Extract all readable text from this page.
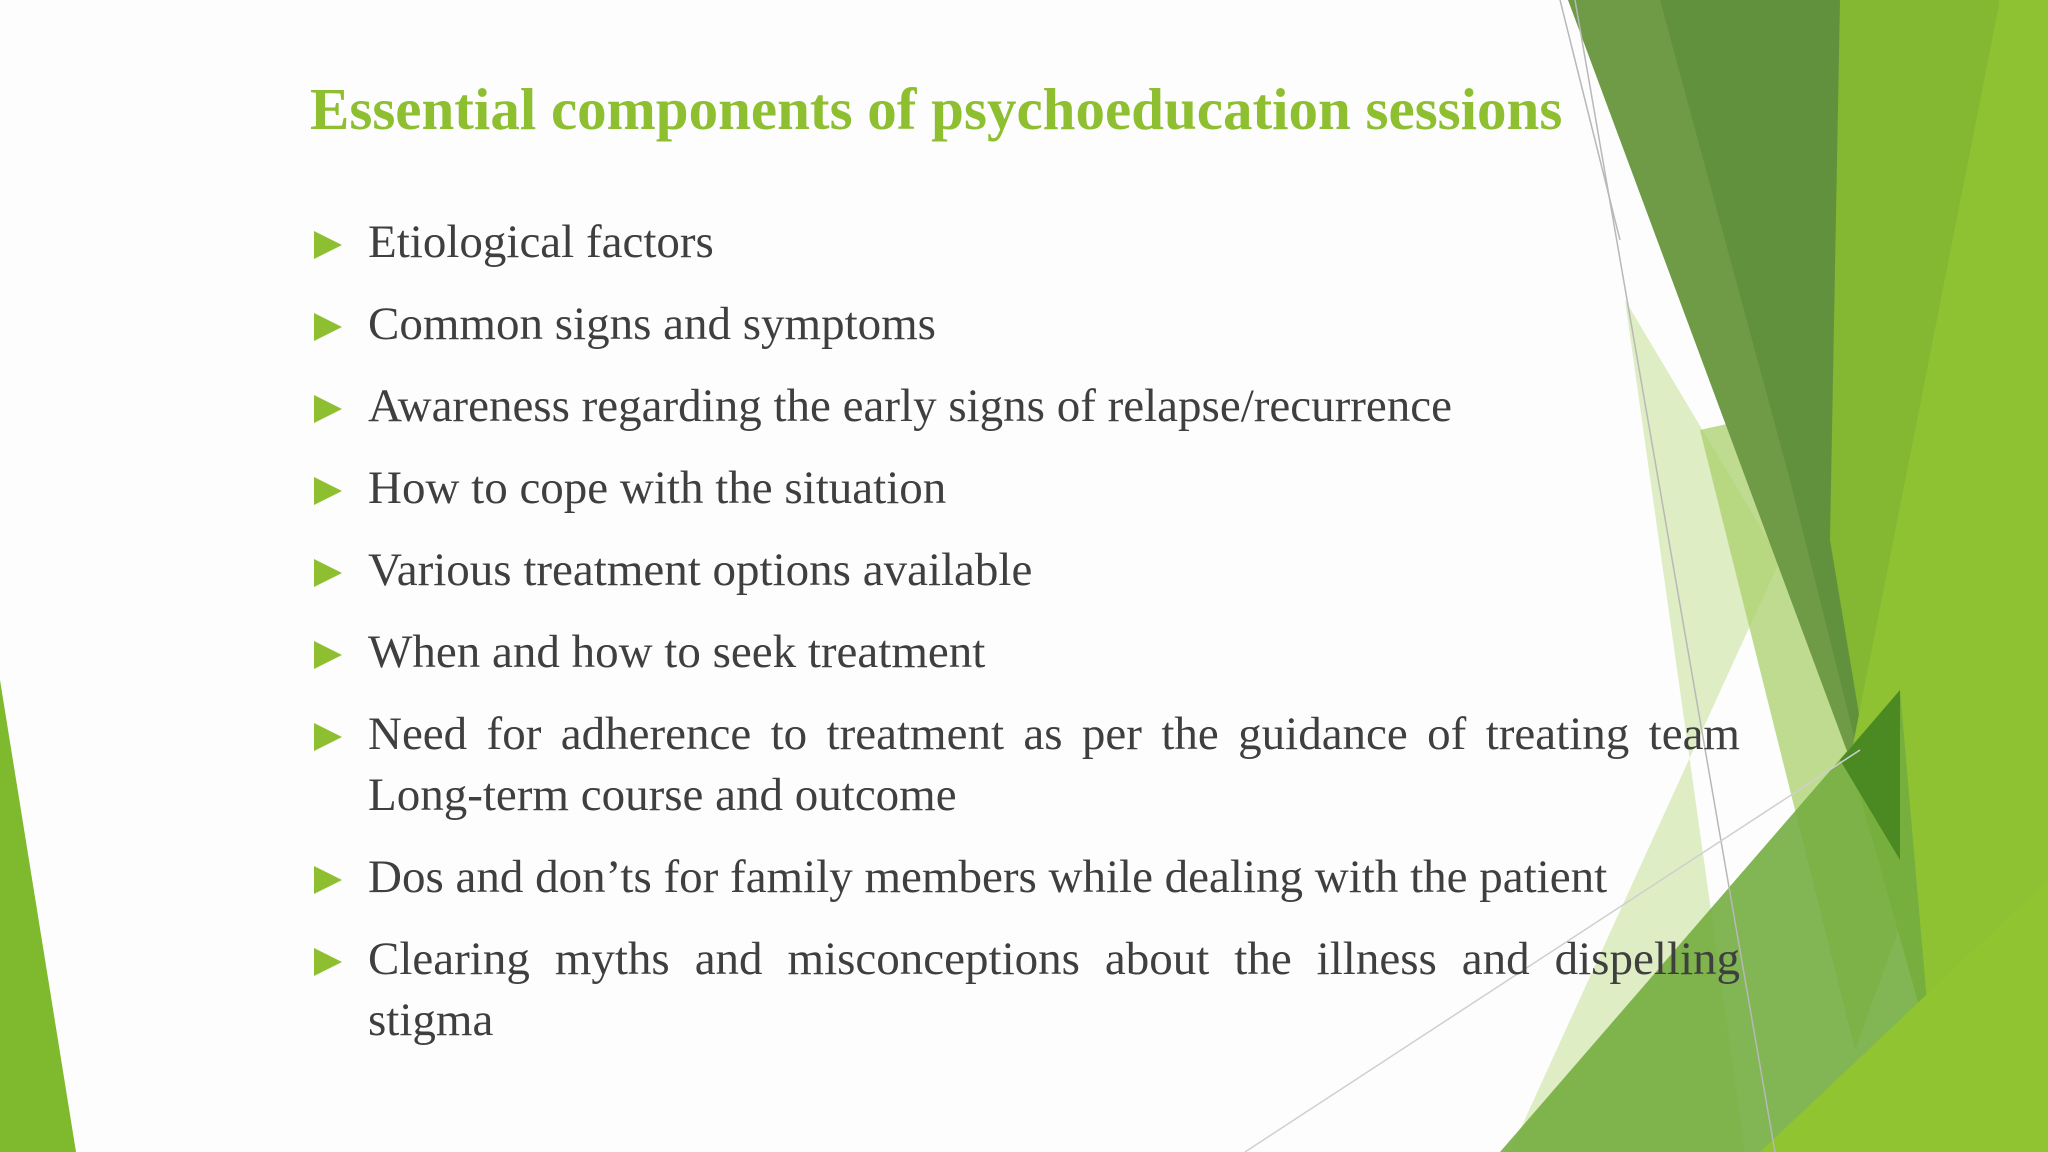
Essential components of psychoeducation sessions
Etiological factors
Common signs and symptoms
Awareness regarding the early signs of relapse/recurrence
How to cope with the situation
Various treatment options available
When and how to seek treatment
Need for adherence to treatment as per the guidance of treating team Long-term course and outcome
Dos and don’ts for family members while dealing with the patient
Clearing myths and misconceptions about the illness and dispelling stigma
